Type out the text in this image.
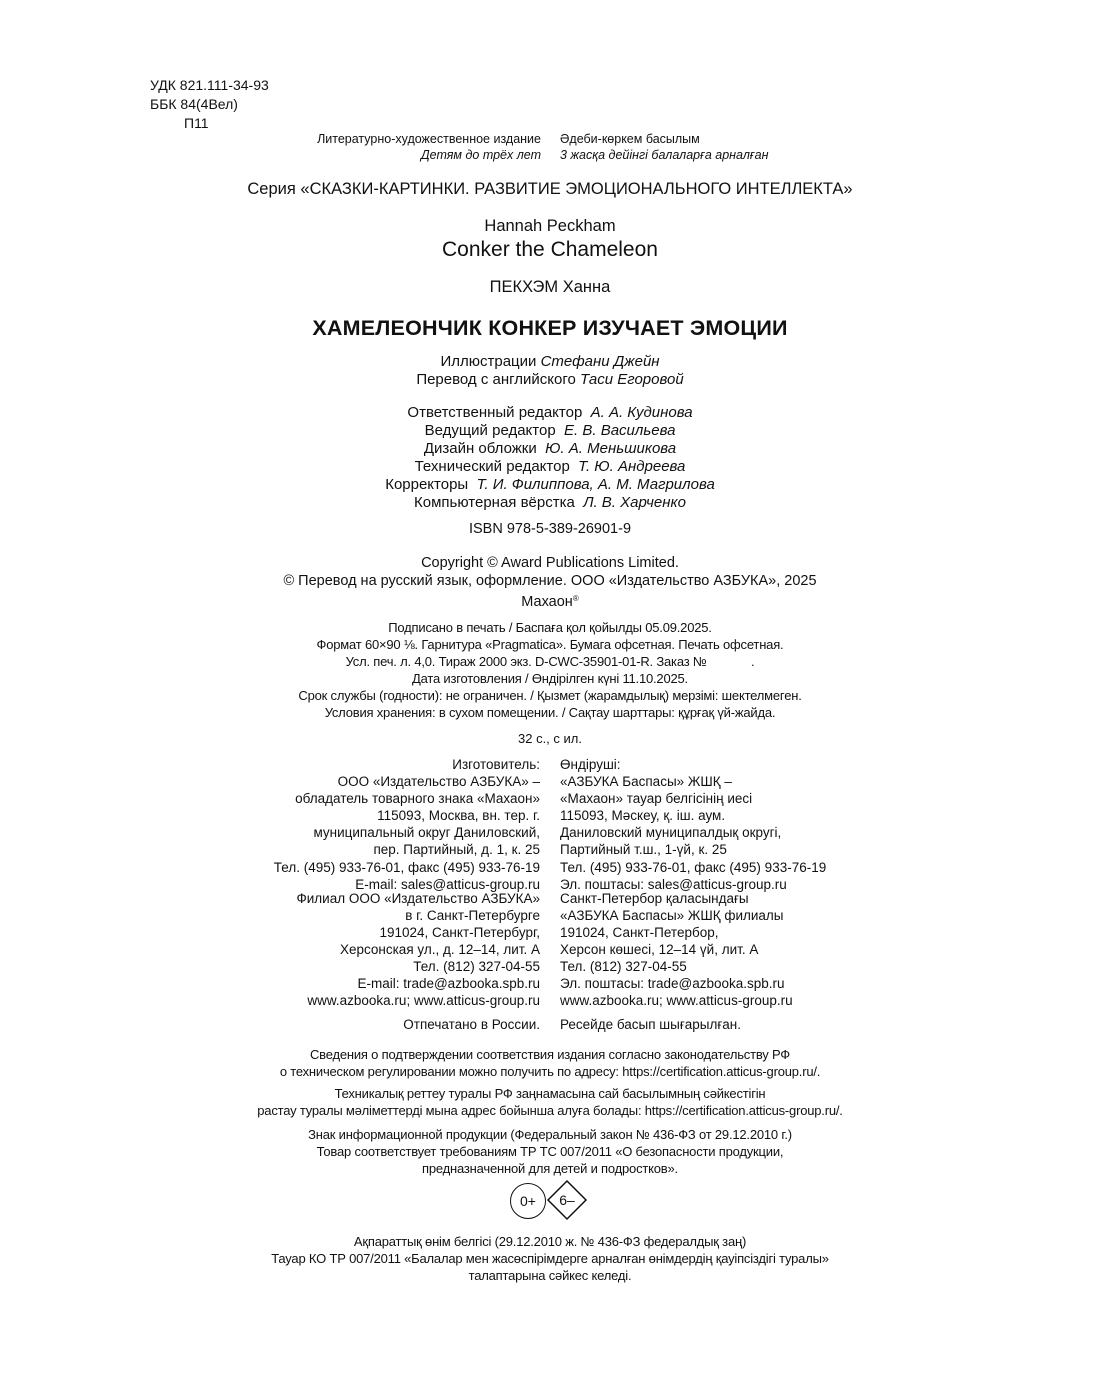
УДК 821.111-34-93
ББК 84(4Вел)
П11
Литературно-художественное издание
Детям до трёх лет
Әдеби-көркем басылым
3 жасқа дейінгі балаларға арналған
Серия «СКАЗКИ-КАРТИНКИ. РАЗВИТИЕ ЭМОЦИОНАЛЬНОГО ИНТЕЛЛЕКТА»
Hannah Peckham
Conker the Chameleon
ПЕКХЭМ Ханна
ХАМЕЛЕОНЧИК КОНКЕР ИЗУЧАЕТ ЭМОЦИИ
Иллюстрации Стефани Джейн
Перевод с английского Таси Егоровой
Ответственный редактор А. А. Кудинова
Ведущий редактор Е. В. Васильева
Дизайн обложки Ю. А. Меньшикова
Технический редактор Т. Ю. Андреева
Корректоры Т. И. Филиппова, А. М. Магрилова
Компьютерная вёрстка Л. В. Харченко
ISBN 978-5-389-26901-9
Copyright © Award Publications Limited.
© Перевод на русский язык, оформление. ООО «Издательство АЗБУКА», 2025
Махаон®
Подписано в печать / Баспаға қол қойылды 05.09.2025.
Формат 60×90 ⅛. Гарнитура «Pragmatica». Бумага офсетная. Печать офсетная.
Усл. печ. л. 4,0. Тираж 2000 экз. D-CWC-35901-01-R. Заказ №             .
Дата изготовления / Өндірілген күні 11.10.2025.
Срок службы (годности): не ограничен. / Қызмет (жарамдылық) мерзімі: шектелмеген.
Условия хранения: в сухом помещении. / Сақтау шарттары: құрғақ үй-жайда.
32 с., с ил.
Изготовитель:
ООО «Издательство АЗБУКА» –
обладатель товарного знака «Махаон»
115093, Москва, вн. тер. г.
муниципальный округ Даниловский,
пер. Партийный, д. 1, к. 25
Тел. (495) 933-76-01, факс (495) 933-76-19
E-mail: sales@atticus-group.ru
Өндіруші:
«АЗБУКА Баспасы» ЖШҚ –
«Махаон» тауар белгісінің иесі
115093, Мәскеу, қ. іш. аум.
Даниловский муниципалдық округі,
Партийный т.ш., 1-үй, к. 25
Тел. (495) 933-76-01, факс (495) 933-76-19
Эл. поштасы: sales@atticus-group.ru
Филиал ООО «Издательство АЗБУКА»
в г. Санкт-Петербурге
191024, Санкт-Петербург,
Херсонская ул., д. 12–14, лит. А
Тел. (812) 327-04-55
E-mail: trade@azbooka.spb.ru
Санкт-Петербор қаласындағы
«АЗБУКА Баспасы» ЖШҚ филиалы
191024, Санкт-Петербор,
Херсон көшесі, 12–14 үй, лит. А
Тел. (812) 327-04-55
Эл. поштасы: trade@azbooka.spb.ru
www.azbooka.ru; www.atticus-group.ru www.azbooka.ru; www.atticus-group.ru
Отпечатано в России. Ресейде басып шығарылған.
Сведения о подтверждении соответствия издания согласно законодательству РФ
о техническом регулировании можно получить по адресу: https://certification.atticus-group.ru/.
Техникалық реттеу туралы РФ заңнамасына сай басылымның сәйкестігін
растау туралы мәліметтерді мына адрес бойынша алуға болады: https://certification.atticus-group.ru/.
Знак информационной продукции (Федеральный закон № 436-ФЗ от 29.12.2010 г.)
Товар соответствует требованиям ТР ТС 007/2011 «О безопасности продукции,
предназначенной для детей и подростков».
0+	6–
Ақпараттық өнім белгісі (29.12.2010 ж. № 436-ФЗ федералдық заң)
Тауар КО ТР 007/2011 «Балалар мен жасөспірімдерге арналған өнімдердің қауіпсіздігі туралы»
талаптарына сәйкес келеді.
